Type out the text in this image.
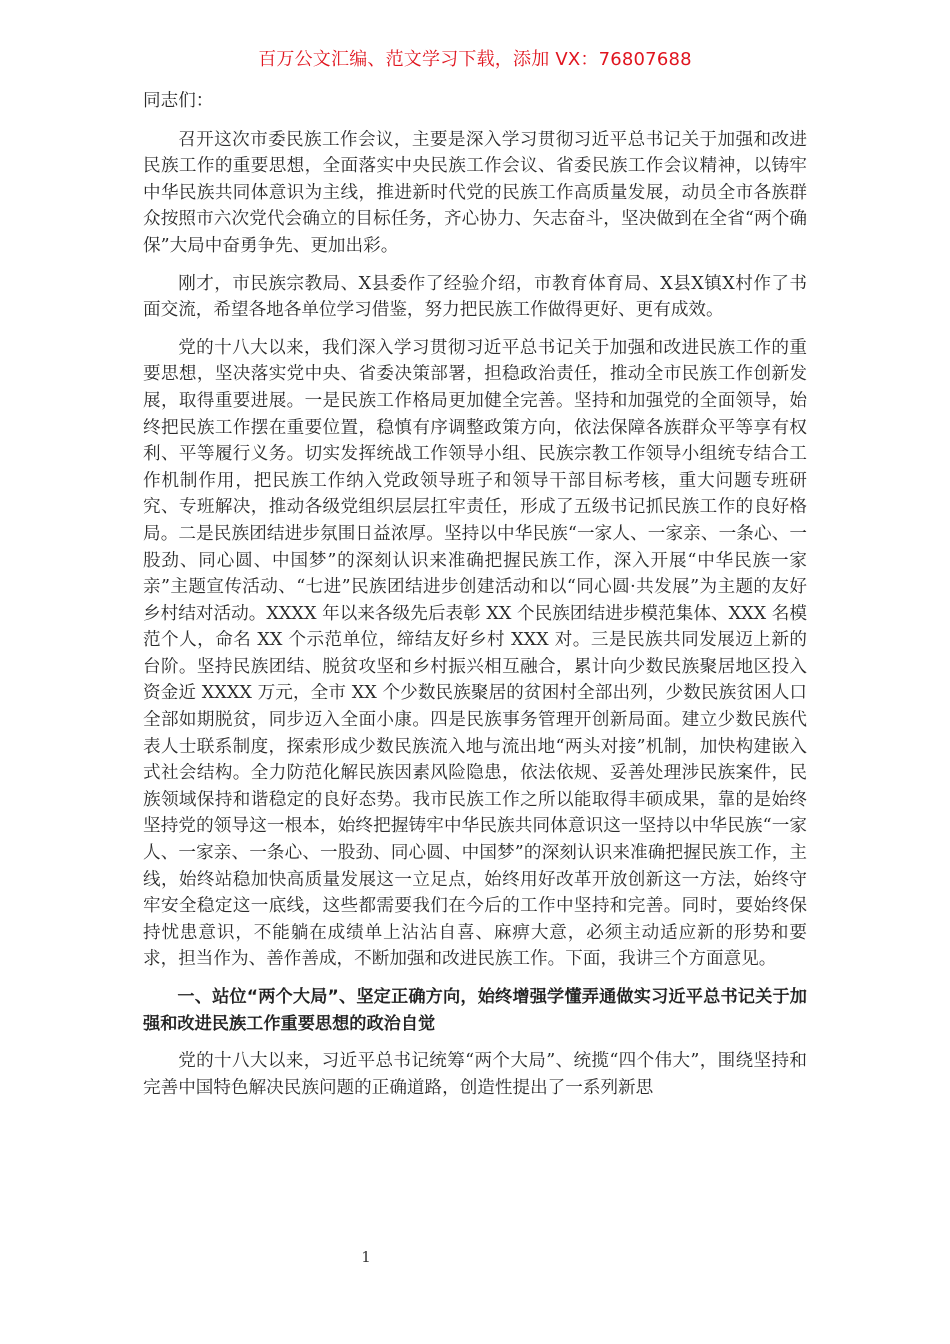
百万公文汇编、范文学习下载，添加 VX：76807688

同志们：

召开这次市委民族工作会议，主要是深入学习贯彻习近平总书记关于加强和改进民族工作的重要思想，全面落实中央民族工作会议、省委民族工作会议精神，以铸牢中华民族共同体意识为主线，推进新时代党的民族工作高质量发展，动员全市各族群众按照市六次党代会确立的目标任务，齐心协力、矢志奋斗，坚决做到在全省“两个确保”大局中奋勇争先、更加出彩。

刚才，市民族宗教局、X县委作了经验介绍，市教育体育局、X县X镇X村作了书面交流，希望各地各单位学习借鉴，努力把民族工作做得更好、更有成效。

党的十八大以来，我们深入学习贯彻习近平总书记关于加强和改进民族工作的重要思想，坚决落实党中央、省委决策部署，担稳政治责任，推动全市民族工作创新发展，取得重要进展。一是民族工作格局更加健全完善。坚持和加强党的全面领导，始终把民族工作摆在重要位置，稳慎有序调整政策方向，依法保障各族群众平等享有权利、平等履行义务。切实发挥统战工作领导小组、民族宗教工作领导小组统专结合工作机制作用，把民族工作纳入党政领导班子和领导干部目标考核，重大问题专班研究、专班解决，推动各级党组织层层扛牢责任，形成了五级书记抓民族工作的良好格局。二是民族团结进步氛围日益浓厚。坚持以中华民族“一家人、一家亲、一条心、一股劲、同心圆、中国梦”的深刻认识来准确把握民族工作，深入开展“中华民族一家亲”主题宣传活动、“七进”民族团结进步创建活动和以“同心圆·共发展”为主题的友好乡村结对活动。XXXX 年以来各级先后表彰 XX 个民族团结进步模范集体、XXX 名模范个人，命名 XX 个示范单位，缔结友好乡村 XXX 对。三是民族共同发展迈上新的台阶。坚持民族团结、脱贫攻坚和乡村振兴相互融合，累计向少数民族聚居地区投入资金近 XXXX 万元，全市 XX 个少数民族聚居的贫困村全部出列，少数民族贫困人口全部如期脱贫，同步迈入全面小康。四是民族事务管理开创新局面。建立少数民族代表人士联系制度，探索形成少数民族流入地与流出地“两头对接”机制，加快构建嵌入式社会结构。全力防范化解民族因素风险隐患，依法依规、妥善处理涉民族案件，民族领域保持和谐稳定的良好态势。我市民族工作之所以能取得丰硕成果，靠的是始终坚持党的领导这一根本，始终把握铸牢中华民族共同体意识这一坚持以中华民族“一家人、一家亲、一条心、一股劲、同心圆、中国梦”的深刻认识来准确把握民族工作，主线，始终站稳加快高质量发展这一立足点，始终用好改革开放创新这一方法，始终守牢安全稳定这一底线，这些都需要我们在今后的工作中坚持和完善。同时，要始终保持忧患意识，不能躺在成绩单上沾沾自喜、麻痹大意，必须主动适应新的形势和要求，担当作为、善作善成，不断加强和改进民族工作。下面，我讲三个方面意见。

一、站位“两个大局”、坚定正确方向，始终增强学懂弄通做实习近平总书记关于加强和改进民族工作重要思想的政治自觉

党的十八大以来，习近平总书记统筹“两个大局”、统揽“四个伟大”，围绕坚持和完善中国特色解决民族问题的正确道路，创造性提出了一系列新思

1
